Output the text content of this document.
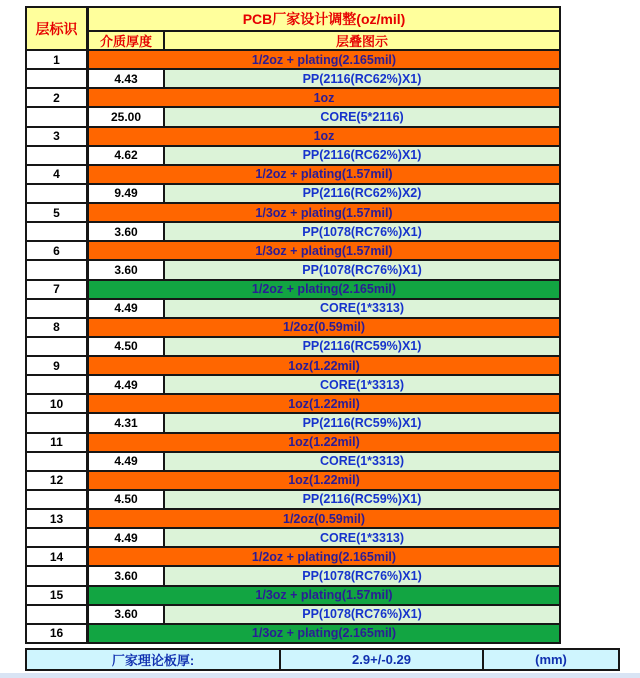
层标识
PCB厂家设计调整(oz/mil)
介质厚度	层叠图示
1	1/2oz + plating(2.165mil)
4.43	PP(2116(RC62%)X1)
2	1oz
25.00	CORE(5*2116)
3	1oz
4.62	PP(2116(RC62%)X1)
4	1/2oz + plating(1.57mil)
9.49	PP(2116(RC62%)X2)
5	1/3oz + plating(1.57mil)
3.60	PP(1078(RC76%)X1)
6	1/3oz + plating(1.57mil)
3.60	PP(1078(RC76%)X1)
7	1/2oz + plating(2.165mil)
4.49	CORE(1*3313)
8	1/2oz(0.59mil)
4.50	PP(2116(RC59%)X1)
9	1oz(1.22mil)
4.49	CORE(1*3313)
10	1oz(1.22mil)
4.31	PP(2116(RC59%)X1)
11	1oz(1.22mil)
4.49	CORE(1*3313)
12	1oz(1.22mil)
4.50	PP(2116(RC59%)X1)
13	1/2oz(0.59mil)
4.49	CORE(1*3313)
14	1/2oz + plating(2.165mil)
3.60	PP(1078(RC76%)X1)
15	1/3oz + plating(1.57mil)
3.60	PP(1078(RC76%)X1)
16	1/3oz + plating(2.165mil)
厂家理论板厚:	2.9+/-0.29	(mm)
